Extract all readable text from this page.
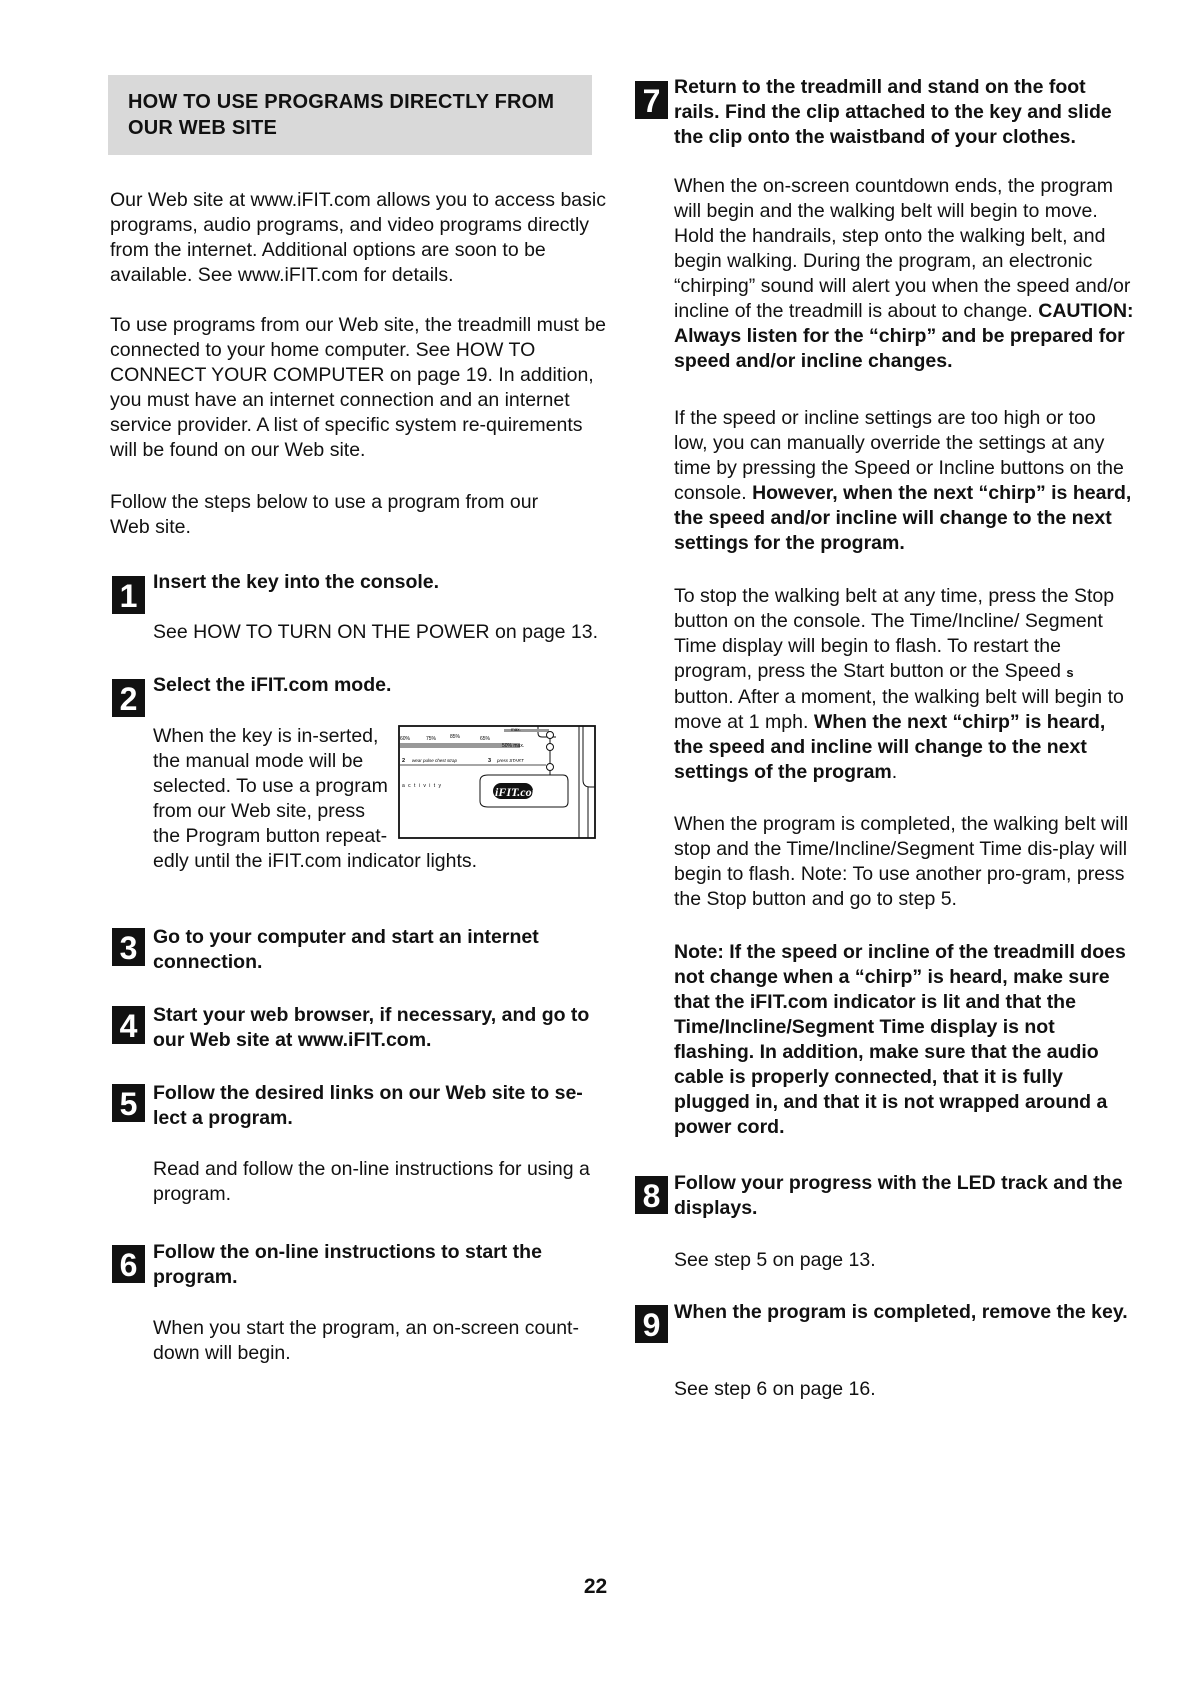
HOW TO USE PROGRAMS DIRECTLY FROM OUR WEB SITE

Our Web site at www.iFIT.com allows you to access basic programs, audio programs, and video programs directly from the internet. Additional options are soon to be available. See www.iFIT.com for details.

To use programs from our Web site, the treadmill must be connected to your home computer. See HOW TO CONNECT YOUR COMPUTER on page 19. In addition, you must have an internet connection and an internet service provider. A list of specific system re-quirements will be found on our Web site.

Follow the steps below to use a program from our Web site.

1 Insert the key into the console.

See HOW TO TURN ON THE POWER on page 13.

2 Select the iFIT.com mode.

When the key is in-serted, the manual mode will be selected. To use a program from our Web site, press the Program button repeat-edly until the iFIT.com indicator lights.

60%	75%	85%	65%
50% max.
max.
2 wear pulse chest strap	3 press START
a c t i v i t y	iFIT.com
3 Go to your computer and start an internet connection.
4 Start your web browser, if necessary, and go to our Web site at www.iFIT.com.
5 Follow the desired links on our Web site to se-lect a program.

Read and follow the on-line instructions for using a program.

6 Follow the on-line instructions to start the program.

When you start the program, an on-screen count-down will begin.

7 Return to the treadmill and stand on the foot rails. Find the clip attached to the key and slide the clip onto the waistband of your clothes.

When the on-screen countdown ends, the program will begin and the walking belt will begin to move. Hold the handrails, step onto the walking belt, and begin walking. During the program, an electronic “chirping” sound will alert you when the speed and/or incline of the treadmill is about to change. CAUTION: Always listen for the “chirp” and be prepared for speed and/or incline changes.

If the speed or incline settings are too high or too low, you can manually override the settings at any time by pressing the Speed or Incline buttons on the console. However, when the next “chirp” is heard, the speed and/or incline will change to the next settings for the program.

To stop the walking belt at any time, press the Stop button on the console. The Time/Incline/ Segment Time display will begin to flash. To restart the program, press the Start button or the Speed s button. After a moment, the walking belt will begin to move at 1 mph. When the next “chirp” is heard, the speed and incline will change to the next settings of the program.

When the program is completed, the walking belt will stop and the Time/Incline/Segment Time dis-play will begin to flash. Note: To use another pro-gram, press the Stop button and go to step 5.

Note: If the speed or incline of the treadmill does not change when a “chirp” is heard, make sure that the iFIT.com indicator is lit and that the Time/Incline/Segment Time display is not flashing. In addition, make sure that the audio cable is properly connected, that it is fully plugged in, and that it is not wrapped around a power cord.

8 Follow your progress with the LED track and the displays.

See step 5 on page 13.

9 When the program is completed, remove the key.

See step 6 on page 16.

22
